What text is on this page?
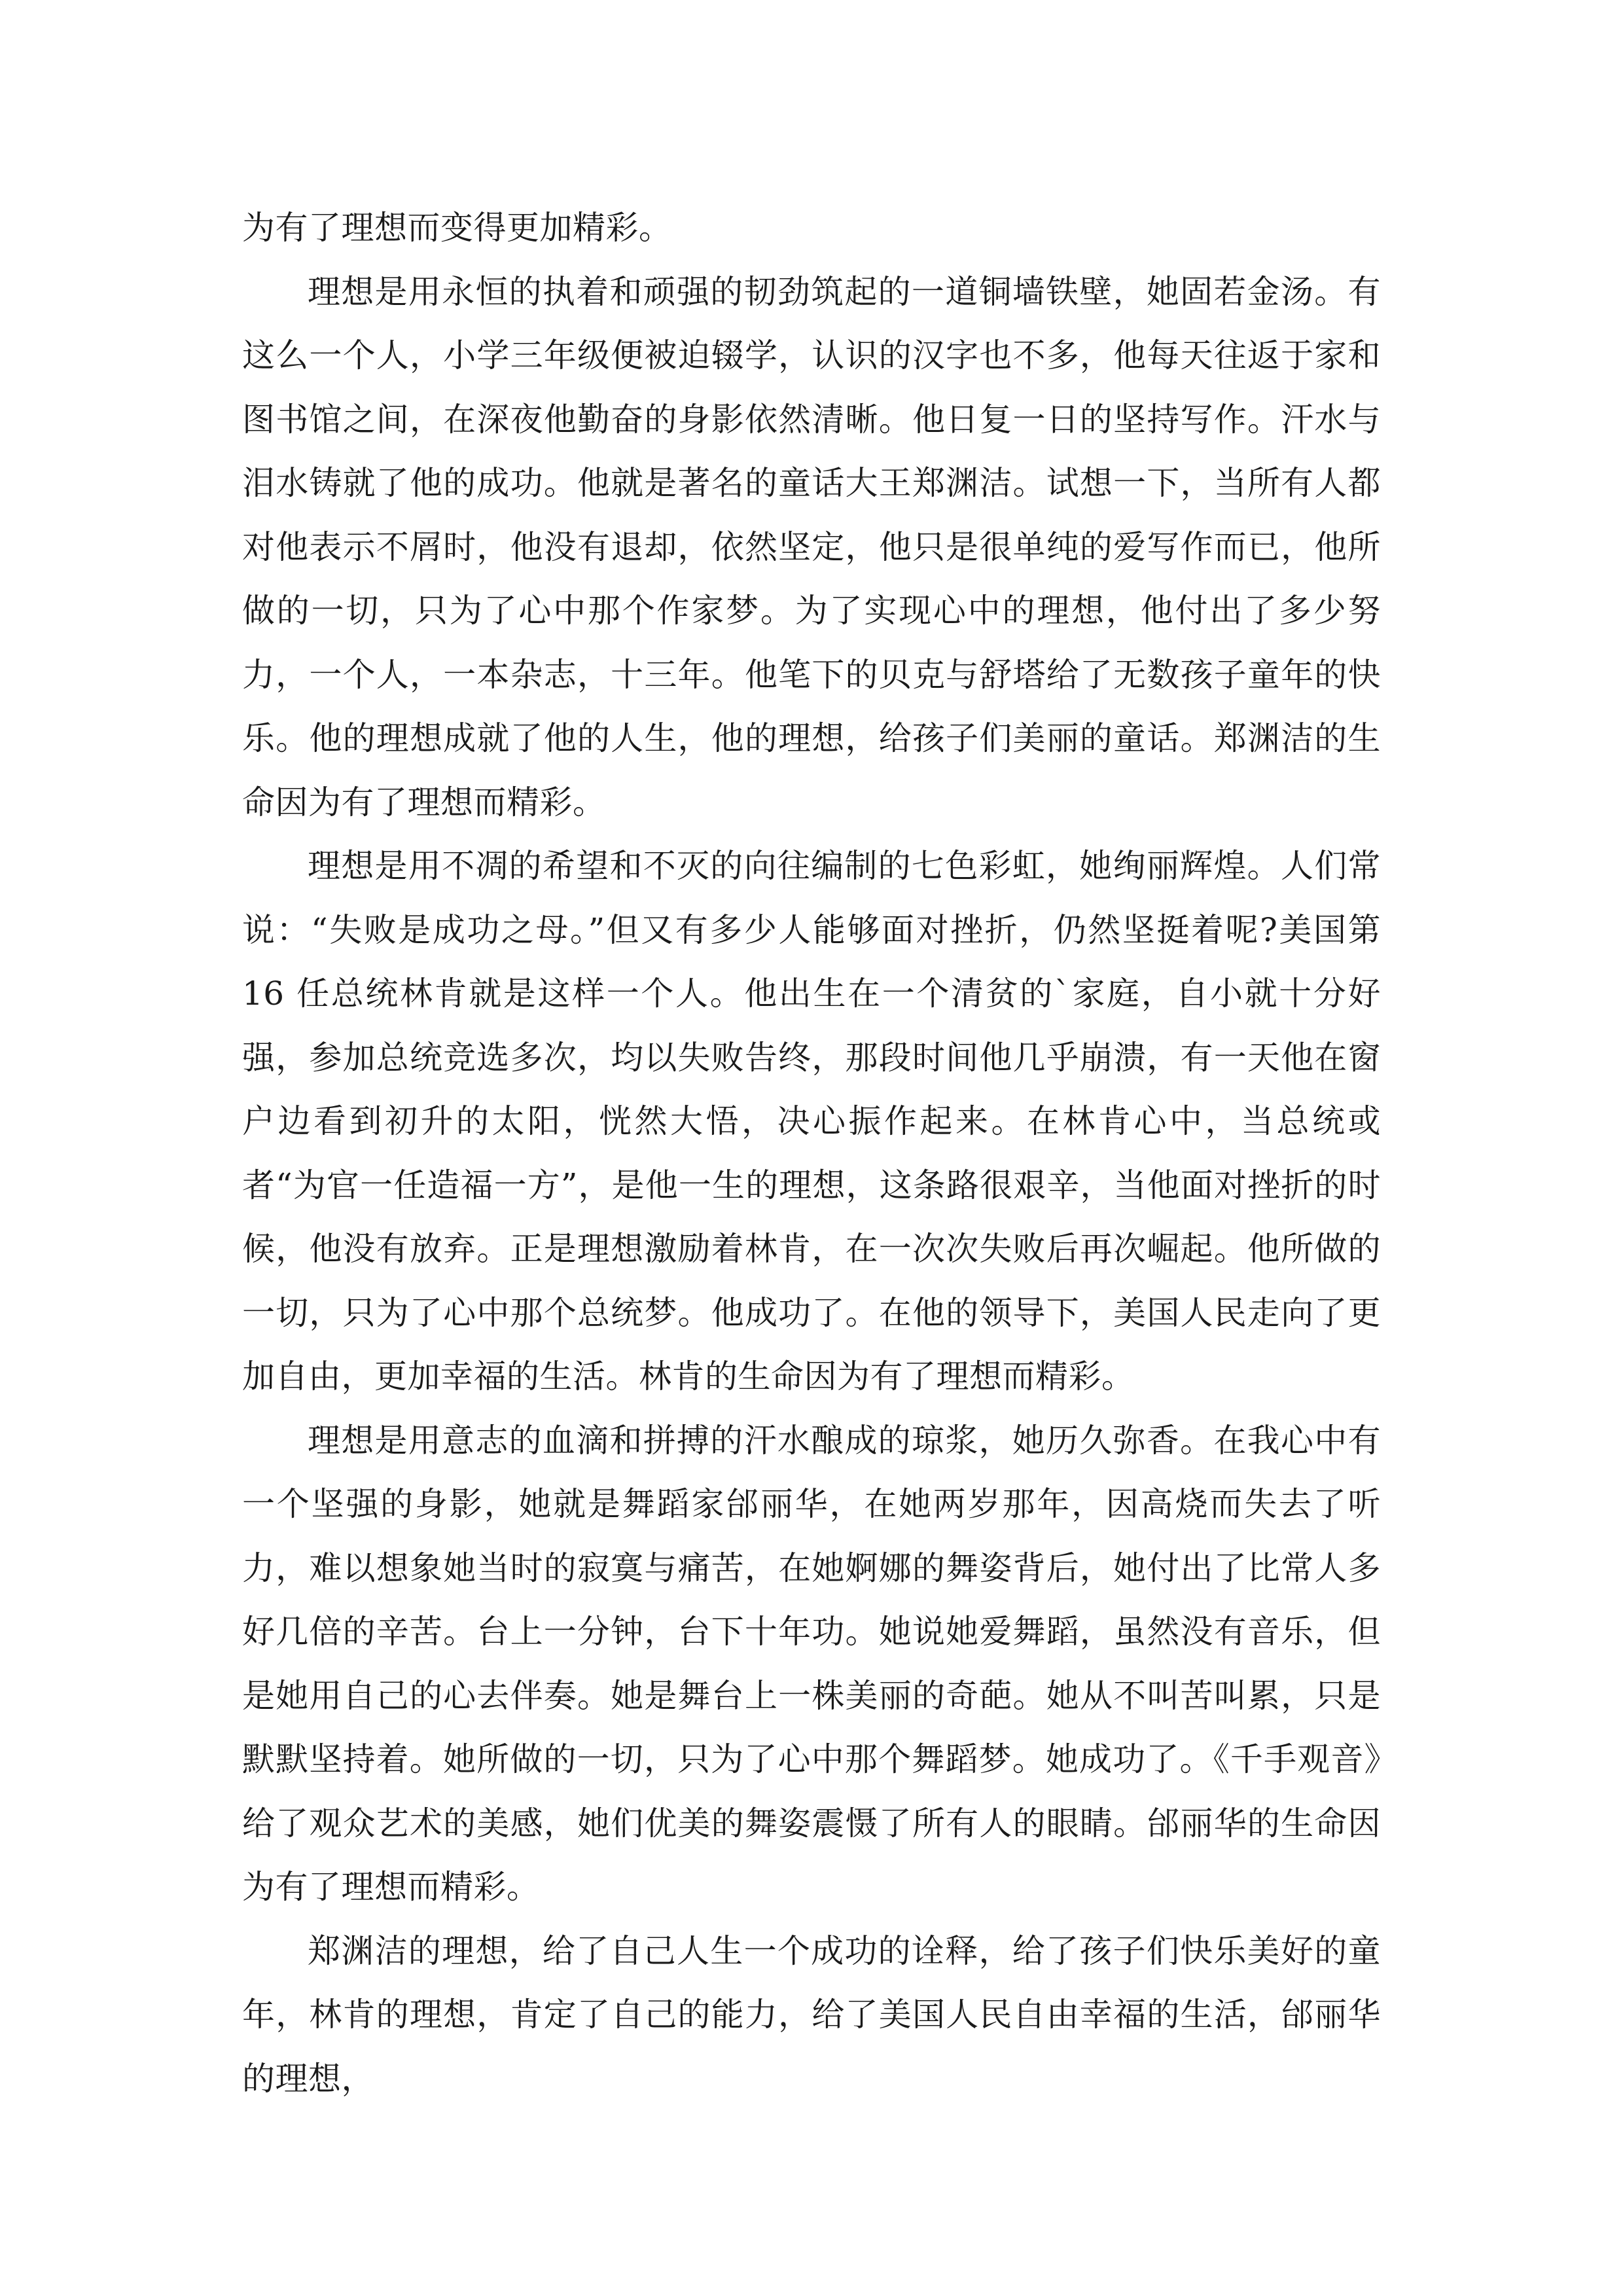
为有了理想而变得更加精彩。

理想是用永恒的执着和顽强的韧劲筑起的一道铜墙铁壁，她固若金汤。有这么一个人，小学三年级便被迫辍学，认识的汉字也不多，他每天往返于家和图书馆之间，在深夜他勤奋的身影依然清晰。他日复一日的坚持写作。汗水与泪水铸就了他的成功。他就是著名的童话大王郑渊洁。试想一下，当所有人都对他表示不屑时，他没有退却，依然坚定，他只是很单纯的爱写作而已，他所做的一切，只为了心中那个作家梦。为了实现心中的理想，他付出了多少努力，一个人，一本杂志，十三年。他笔下的贝克与舒塔给了无数孩子童年的快乐。他的理想成就了他的人生，他的理想，给孩子们美丽的童话。郑渊洁的生命因为有了理想而精彩。

理想是用不凋的希望和不灭的向往编制的七色彩虹，她绚丽辉煌。人们常说：“失败是成功之母。”但又有多少人能够面对挫折，仍然坚挺着呢?美国第 16 任总统林肯就是这样一个人。他出生在一个清贫的`家庭，自小就十分好强，参加总统竞选多次，均以失败告终，那段时间他几乎崩溃，有一天他在窗户边看到初升的太阳，恍然大悟，决心振作起来。在林肯心中，当总统或者“为官一任造福一方”，是他一生的理想，这条路很艰辛，当他面对挫折的时候，他没有放弃。正是理想激励着林肯，在一次次失败后再次崛起。他所做的一切，只为了心中那个总统梦。他成功了。在他的领导下，美国人民走向了更加自由，更加幸福的生活。林肯的生命因为有了理想而精彩。

理想是用意志的血滴和拼搏的汗水酿成的琼浆，她历久弥香。在我心中有一个坚强的身影，她就是舞蹈家邰丽华，在她两岁那年，因高烧而失去了听力，难以想象她当时的寂寞与痛苦，在她婀娜的舞姿背后，她付出了比常人多好几倍的辛苦。台上一分钟，台下十年功。她说她爱舞蹈，虽然没有音乐，但是她用自己的心去伴奏。她是舞台上一株美丽的奇葩。她从不叫苦叫累，只是默默坚持着。她所做的一切，只为了心中那个舞蹈梦。她成功了。《千手观音》给了观众艺术的美感，她们优美的舞姿震慑了所有人的眼睛。邰丽华的生命因为有了理想而精彩。

郑渊洁的理想，给了自己人生一个成功的诠释，给了孩子们快乐美好的童年，林肯的理想，肯定了自己的能力，给了美国人民自由幸福的生活，邰丽华的理想，
